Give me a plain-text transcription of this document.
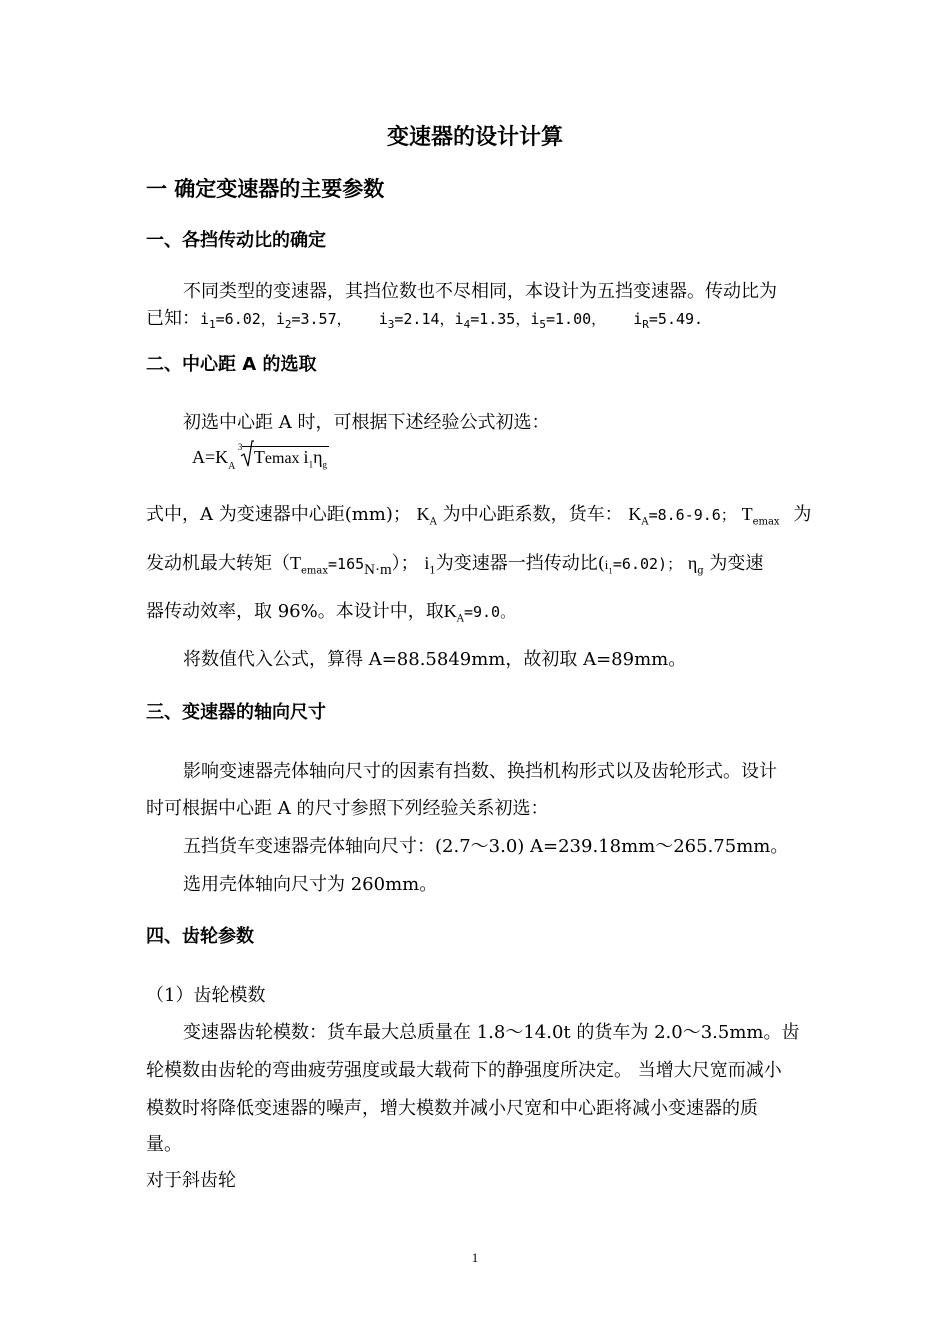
变速器的设计计算
一 确定变速器的主要参数
一、各挡传动比的确定
不同类型的变速器，其挡位数也不尽相同，本设计为五挡变速器。传动比为
已知：$i_1=6.02$，$i_2=3.57$， $i_3=2.14$，$i_4=1.35$，$i_5=1.00$， $i_R=5.49$.
二、中心距 A 的选取
初选中心距 A 时，可根据下述经验公式初选：
$A=K_A$
3 Temax $i_1\eta_g$
式中，A 为变速器中心距(mm)； $K_A$ 为中心距系数，货车： $K_A=8.6-9.6$； $T_{emax}$ 为
发动机最大转矩$(T_{emax}=165_{N\cdot m})$； $i_1$为变速器一挡传动比$(i_1=6.02)$； $\eta_g$ 为变速
器传动效率，取 96%。本设计中，取$K_A=9.0$。
将数值代入公式，算得 A=88.5849mm，故初取 A=89mm。
三、变速器的轴向尺寸
影响变速器壳体轴向尺寸的因素有挡数、换挡机构形式以及齿轮形式。设计
时可根据中心距 A 的尺寸参照下列经验关系初选：
五挡货车变速器壳体轴向尺寸：(2.7～3.0) A=239.18mm～265.75mm。
选用壳体轴向尺寸为 260mm。
四、齿轮参数
（1）齿轮模数
变速器齿轮模数：货车最大总质量在 1.8～14.0t 的货车为 2.0～3.5mm。齿
轮模数由齿轮的弯曲疲劳强度或最大载荷下的静强度所决定。 当增大尺宽而减小
模数时将降低变速器的噪声，增大模数并减小尺宽和中心距将减小变速器的质
量。
对于斜齿轮
1
